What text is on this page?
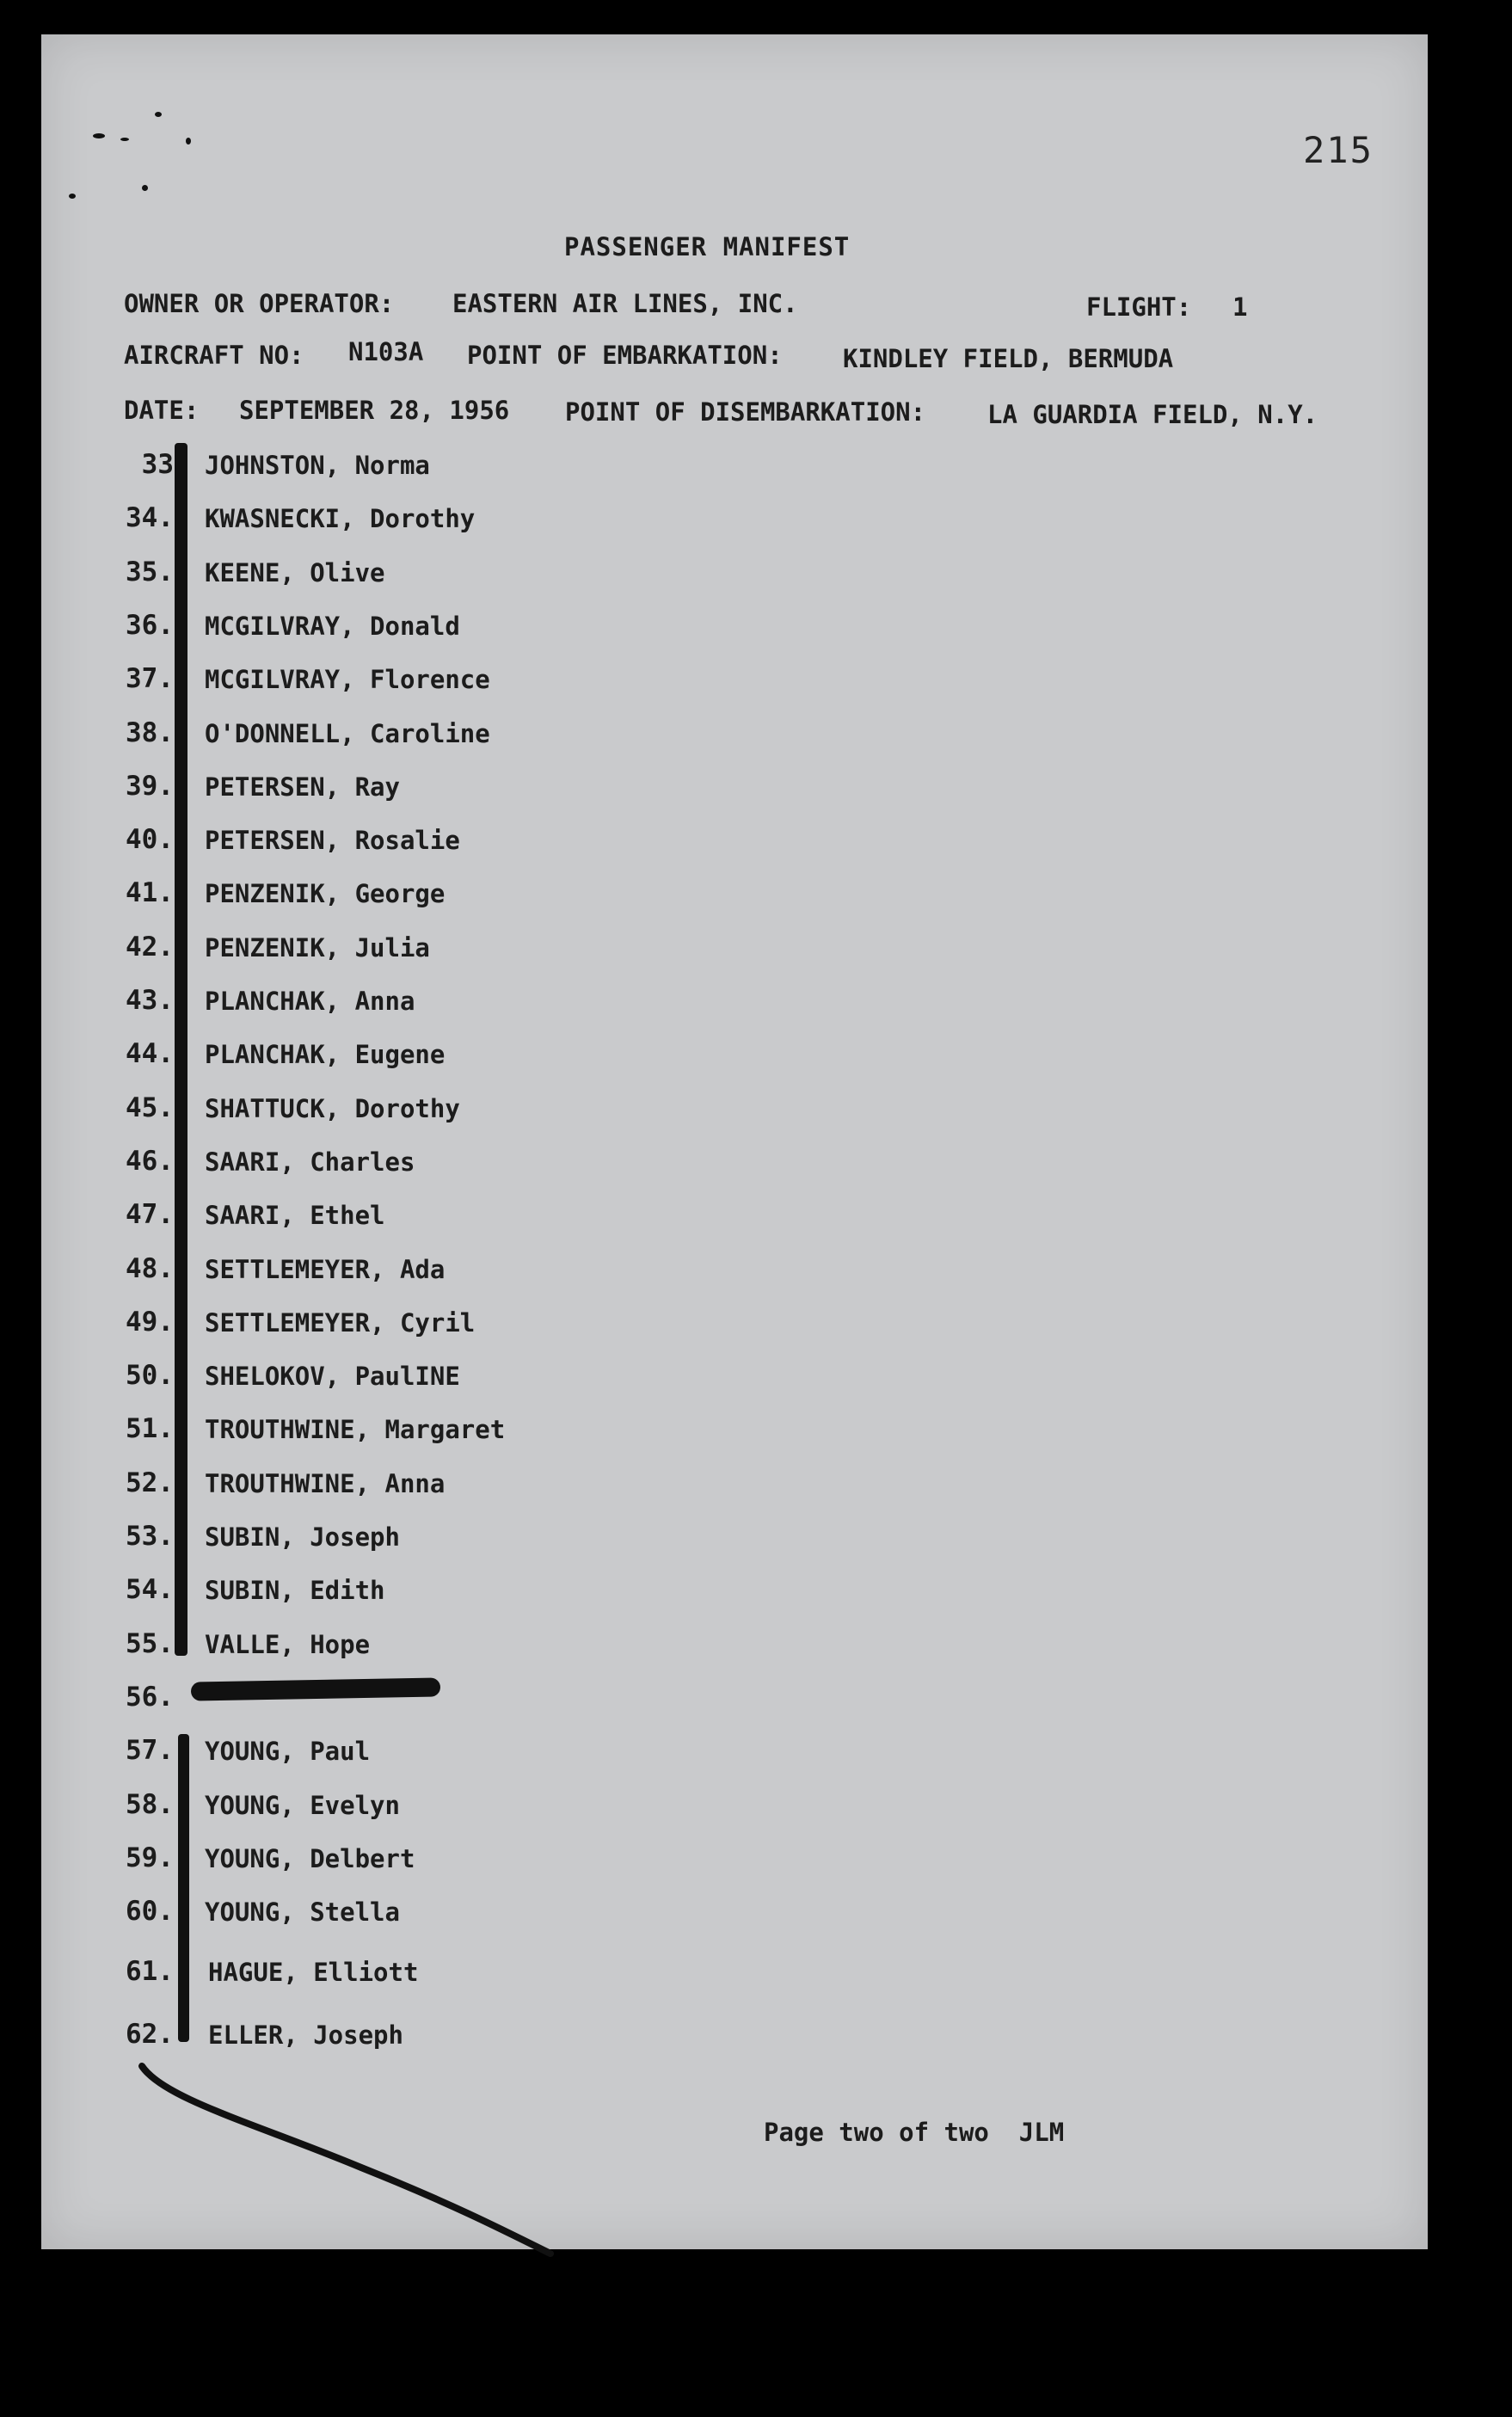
215
PASSENGER MANIFEST
OWNER OR OPERATOR: EASTERN AIR LINES, INC.	FLIGHT: 1
AIRCRAFT NO: N103A POINT OF EMBARKATION: KINDLEY FIELD, BERMUDA
DATE: SEPTEMBER 28, 1956 POINT OF DISEMBARKATION: LA GUARDIA FIELD, N.Y.
33 JOHNSTON, Norma
34. KWASNECKI, Dorothy
35. KEENE, Olive
36. MCGILVRAY, Donald
37. MCGILVRAY, Florence
38. O'DONNELL, Caroline
39. PETERSEN, Ray
40. PETERSEN, Rosalie
41. PENZENIK, George
42. PENZENIK, Julia
43. PLANCHAK, Anna
44. PLANCHAK, Eugene
45. SHATTUCK, Dorothy
46. SAARI, Charles
47. SAARI, Ethel
48. SETTLEMEYER, Ada
49. SETTLEMEYER, Cyril
50. SHELOKOV, PaulINE
51. TROUTHWINE, Margaret
52. TROUTHWINE, Anna
53. SUBIN, Joseph
54. SUBIN, Edith
55. VALLE, Hope
56.
57. YOUNG, Paul
58. YOUNG, Evelyn
59. YOUNG, Delbert
60. YOUNG, Stella
61. HAGUE, Elliott
62. ELLER, Joseph
Page two of two  JLM
